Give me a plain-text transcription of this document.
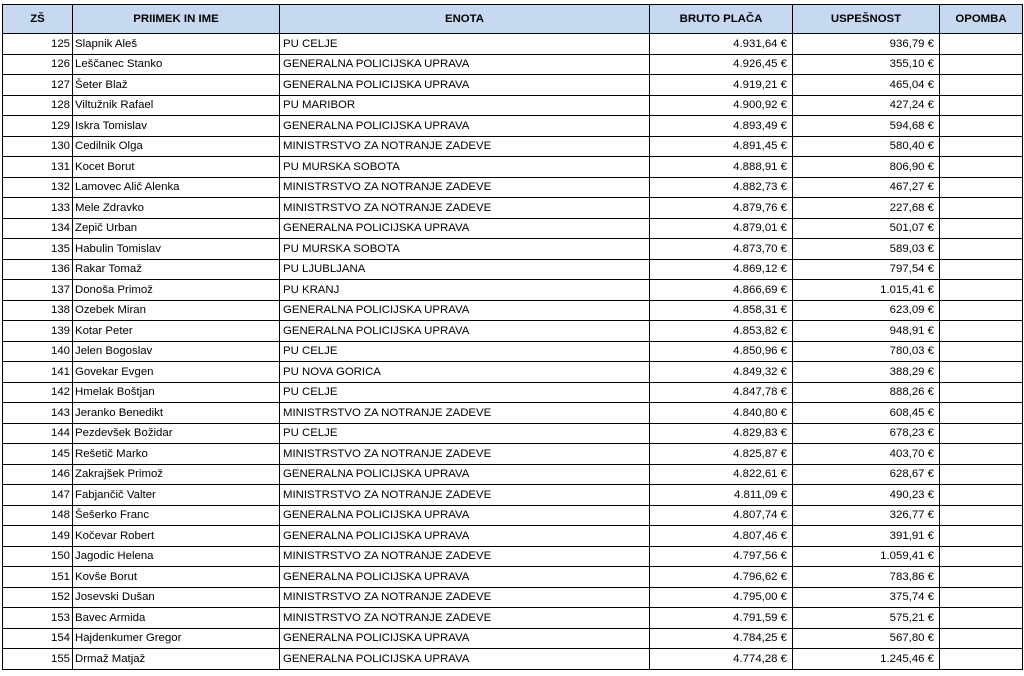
ZŠ	PRIIMEK IN IME	ENOTA	BRUTO PLAČA	USPEŠNOST	OPOMBA
125	Slapnik Aleš	PU CELJE	4.931,64 €	936,79 €	
126	Leščanec Stanko	GENERALNA POLICIJSKA UPRAVA	4.926,45 €	355,10 €	
127	Šeter Blaž	GENERALNA POLICIJSKA UPRAVA	4.919,21 €	465,04 €	
128	Viltužnik Rafael	PU MARIBOR	4.900,92 €	427,24 €	
129	Iskra Tomislav	GENERALNA POLICIJSKA UPRAVA	4.893,49 €	594,68 €	
130	Cedilnik Olga	MINISTRSTVO ZA NOTRANJE ZADEVE	4.891,45 €	580,40 €	
131	Kocet Borut	PU MURSKA SOBOTA	4.888,91 €	806,90 €	
132	Lamovec Alič Alenka	MINISTRSTVO ZA NOTRANJE ZADEVE	4.882,73 €	467,27 €	
133	Mele Zdravko	MINISTRSTVO ZA NOTRANJE ZADEVE	4.879,76 €	227,68 €	
134	Zepič Urban	GENERALNA POLICIJSKA UPRAVA	4.879,01 €	501,07 €	
135	Habulin Tomislav	PU MURSKA SOBOTA	4.873,70 €	589,03 €	
136	Rakar Tomaž	PU LJUBLJANA	4.869,12 €	797,54 €	
137	Donoša Primož	PU KRANJ	4.866,69 €	1.015,41 €	
138	Ozebek Miran	GENERALNA POLICIJSKA UPRAVA	4.858,31 €	623,09 €	
139	Kotar Peter	GENERALNA POLICIJSKA UPRAVA	4.853,82 €	948,91 €	
140	Jelen Bogoslav	PU CELJE	4.850,96 €	780,03 €	
141	Govekar Evgen	PU NOVA GORICA	4.849,32 €	388,29 €	
142	Hmelak Boštjan	PU CELJE	4.847,78 €	888,26 €	
143	Jeranko Benedikt	MINISTRSTVO ZA NOTRANJE ZADEVE	4.840,80 €	608,45 €	
144	Pezdevšek Božidar	PU CELJE	4.829,83 €	678,23 €	
145	Rešetič Marko	MINISTRSTVO ZA NOTRANJE ZADEVE	4.825,87 €	403,70 €	
146	Zakrajšek Primož	GENERALNA POLICIJSKA UPRAVA	4.822,61 €	628,67 €	
147	Fabjančič Valter	MINISTRSTVO ZA NOTRANJE ZADEVE	4.811,09 €	490,23 €	
148	Šešerko Franc	GENERALNA POLICIJSKA UPRAVA	4.807,74 €	326,77 €	
149	Kočevar Robert	GENERALNA POLICIJSKA UPRAVA	4.807,46 €	391,91 €	
150	Jagodic Helena	MINISTRSTVO ZA NOTRANJE ZADEVE	4.797,56 €	1.059,41 €	
151	Kovše Borut	GENERALNA POLICIJSKA UPRAVA	4.796,62 €	783,86 €	
152	Josevski Dušan	MINISTRSTVO ZA NOTRANJE ZADEVE	4.795,00 €	375,74 €	
153	Bavec Armida	MINISTRSTVO ZA NOTRANJE ZADEVE	4.791,59 €	575,21 €	
154	Hajdenkumer Gregor	GENERALNA POLICIJSKA UPRAVA	4.784,25 €	567,80 €	
155	Drmaž Matjaž	GENERALNA POLICIJSKA UPRAVA	4.774,28 €	1.245,46 €	
